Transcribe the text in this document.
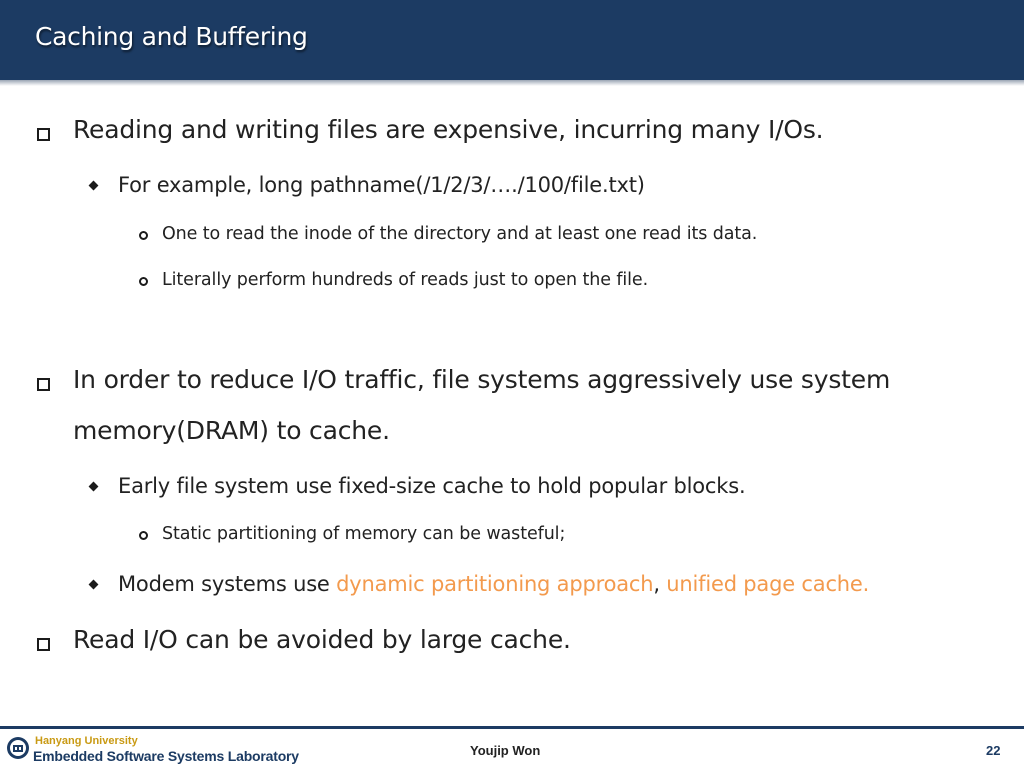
Caching and Buffering
Reading and writing files are expensive, incurring many I/Os.
For example, long pathname(/1/2/3/…./100/file.txt)
One to read the inode of the directory and at least one read its data.
Literally perform hundreds of reads just to open the file.
In order to reduce I/O traffic, file systems aggressively use system
memory(DRAM) to cache.
Early file system use fixed-size cache to hold popular blocks.
Static partitioning of memory can be wasteful;
Modem systems use dynamic partitioning approach, unified page cache.
Read I/O can be avoided by large cache.
Hanyang University
Embedded Software Systems Laboratory	Youjip Won	22
